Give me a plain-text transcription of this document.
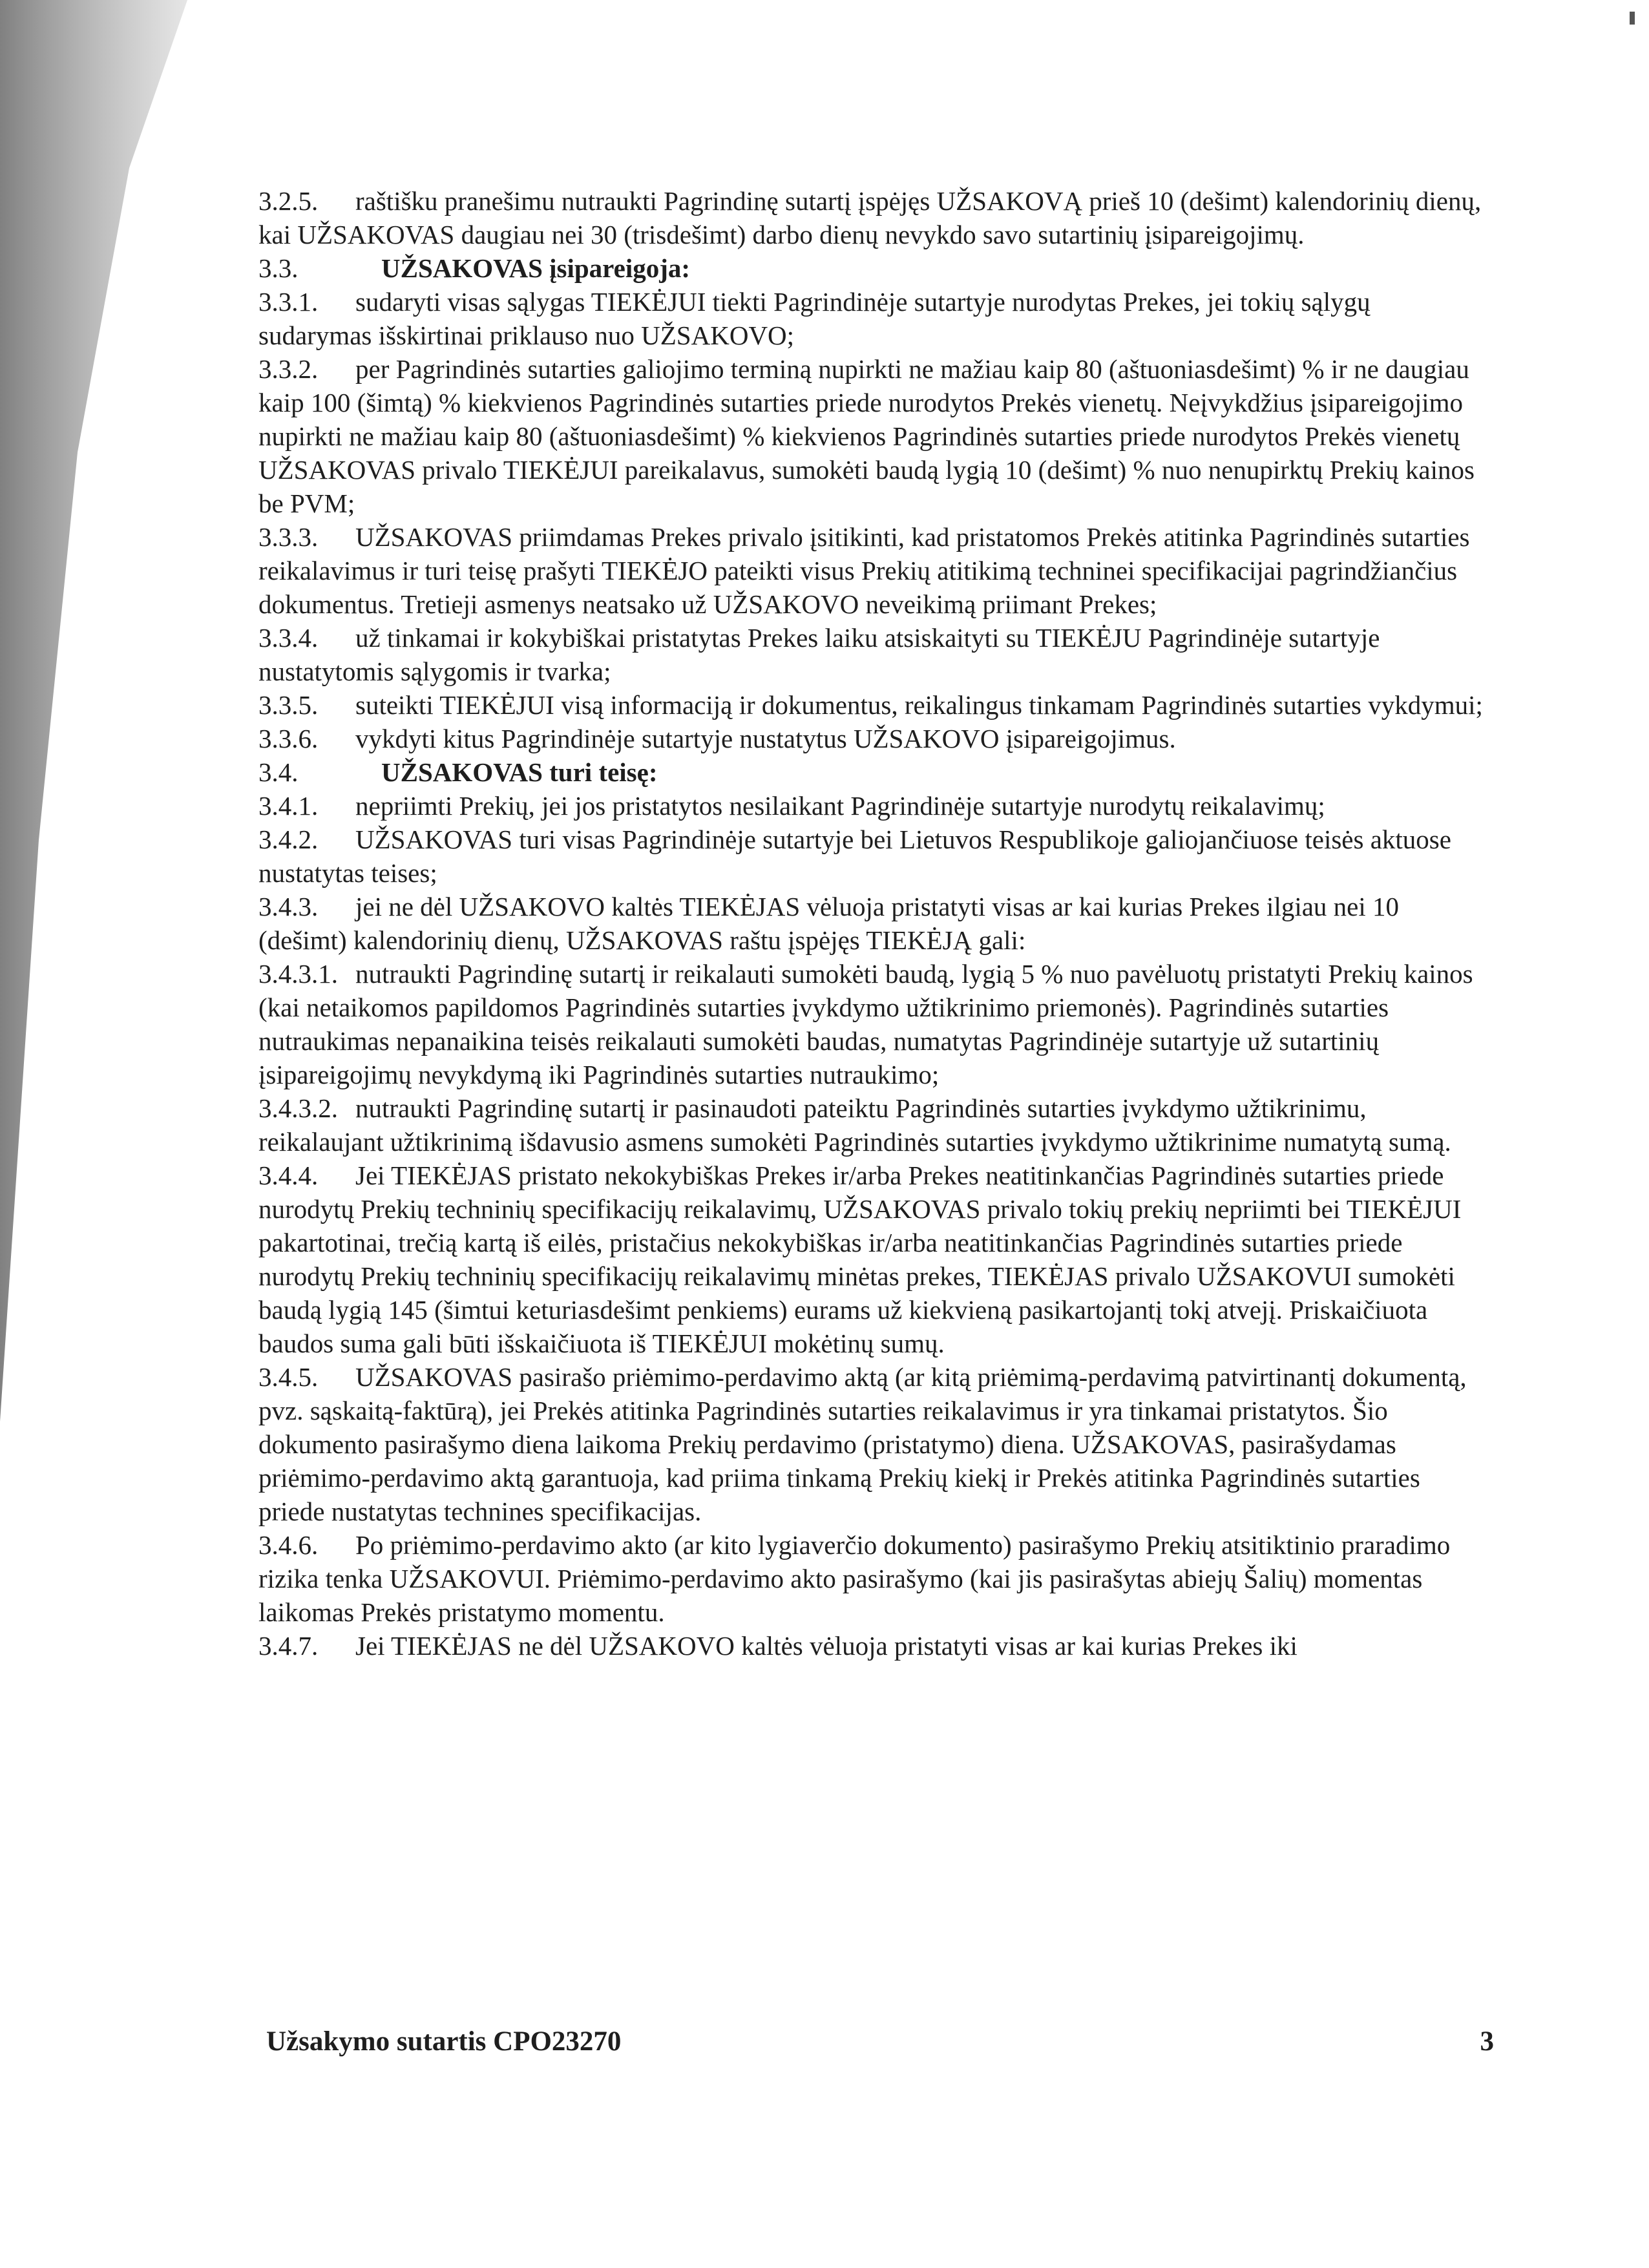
3.2.5. raštišku pranešimu nutraukti Pagrindinę sutartį įspėjęs UŽSAKOVĄ prieš 10 (dešimt) kalendorinių dienų, kai UŽSAKOVAS daugiau nei 30 (trisdešimt) darbo dienų nevykdo savo sutartinių įsipareigojimų.

3.3.	UŽSAKOVAS įsipareigoja:

3.3.1. sudaryti visas sąlygas TIEKĖJUI tiekti Pagrindinėje sutartyje nurodytas Prekes, jei tokių sąlygų sudarymas išskirtinai priklauso nuo UŽSAKOVO;

3.3.2. per Pagrindinės sutarties galiojimo terminą nupirkti ne mažiau kaip 80 (aštuoniasdešimt) % ir ne daugiau kaip 100 (šimtą) % kiekvienos Pagrindinės sutarties priede nurodytos Prekės vienetų. Neįvykdžius įsipareigojimo nupirkti ne mažiau kaip 80 (aštuoniasdešimt) % kiekvienos Pagrindinės sutarties priede nurodytos Prekės vienetų UŽSAKOVAS privalo TIEKĖJUI pareikalavus, sumokėti baudą lygią 10 (dešimt) % nuo nenupirktų Prekių kainos be PVM;

3.3.3. UŽSAKOVAS priimdamas Prekes privalo įsitikinti, kad pristatomos Prekės atitinka Pagrindinės sutarties reikalavimus ir turi teisę prašyti TIEKĖJO pateikti visus Prekių atitikimą techninei specifikacijai pagrindžiančius dokumentus. Tretieji asmenys neatsako už UŽSAKOVO neveikimą priimant Prekes;

3.3.4. už tinkamai ir kokybiškai pristatytas Prekes laiku atsiskaityti su TIEKĖJU Pagrindinėje sutartyje nustatytomis sąlygomis ir tvarka;

3.3.5. suteikti TIEKĖJUI visą informaciją ir dokumentus, reikalingus tinkamam Pagrindinės sutarties vykdymui;

3.3.6. vykdyti kitus Pagrindinėje sutartyje nustatytus UŽSAKOVO įsipareigojimus.

3.4.	UŽSAKOVAS turi teisę:

3.4.1. nepriimti Prekių, jei jos pristatytos nesilaikant Pagrindinėje sutartyje nurodytų reikalavimų;

3.4.2. UŽSAKOVAS turi visas Pagrindinėje sutartyje bei Lietuvos Respublikoje galiojančiuose teisės aktuose nustatytas teises;

3.4.3. jei ne dėl UŽSAKOVO kaltės TIEKĖJAS vėluoja pristatyti visas ar kai kurias Prekes ilgiau nei 10 (dešimt) kalendorinių dienų, UŽSAKOVAS raštu įspėjęs TIEKĖJĄ gali:

3.4.3.1. nutraukti Pagrindinę sutartį ir reikalauti sumokėti baudą, lygią 5 % nuo pavėluotų pristatyti Prekių kainos (kai netaikomos papildomos Pagrindinės sutarties įvykdymo užtikrinimo priemonės). Pagrindinės sutarties nutraukimas nepanaikina teisės reikalauti sumokėti baudas, numatytas Pagrindinėje sutartyje už sutartinių įsipareigojimų nevykdymą iki Pagrindinės sutarties nutraukimo;

3.4.3.2. nutraukti Pagrindinę sutartį ir pasinaudoti pateiktu Pagrindinės sutarties įvykdymo užtikrinimu, reikalaujant užtikrinimą išdavusio asmens sumokėti Pagrindinės sutarties įvykdymo užtikrinime numatytą sumą.

3.4.4. Jei TIEKĖJAS pristato nekokybiškas Prekes ir/arba Prekes neatitinkančias Pagrindinės sutarties priede nurodytų Prekių techninių specifikacijų reikalavimų, UŽSAKOVAS privalo tokių prekių nepriimti bei TIEKĖJUI pakartotinai, trečią kartą iš eilės, pristačius nekokybiškas ir/arba neatitinkančias Pagrindinės sutarties priede nurodytų Prekių techninių specifikacijų reikalavimų minėtas prekes, TIEKĖJAS privalo UŽSAKOVUI sumokėti baudą lygią 145 (šimtui keturiasdešimt penkiems) eurams už kiekvieną pasikartojantį tokį atvejį. Priskaičiuota baudos suma gali būti išskaičiuota iš TIEKĖJUI mokėtinų sumų.

3.4.5. UŽSAKOVAS pasirašo priėmimo-perdavimo aktą (ar kitą priėmimą-perdavimą patvirtinantį dokumentą, pvz. sąskaitą-faktūrą), jei Prekės atitinka Pagrindinės sutarties reikalavimus ir yra tinkamai pristatytos. Šio dokumento pasirašymo diena laikoma Prekių perdavimo (pristatymo) diena. UŽSAKOVAS, pasirašydamas priėmimo-perdavimo aktą garantuoja, kad priima tinkamą Prekių kiekį ir Prekės atitinka Pagrindinės sutarties priede nustatytas technines specifikacijas.

3.4.6. Po priėmimo-perdavimo akto (ar kito lygiaverčio dokumento) pasirašymo Prekių atsitiktinio praradimo rizika tenka UŽSAKOVUI. Priėmimo-perdavimo akto pasirašymo (kai jis pasirašytas abiejų Šalių) momentas laikomas Prekės pristatymo momentu.

3.4.7. Jei TIEKĖJAS ne dėl UŽSAKOVO kaltės vėluoja pristatyti visas ar kai kurias Prekes iki

Užsakymo sutartis CPO23270	3
